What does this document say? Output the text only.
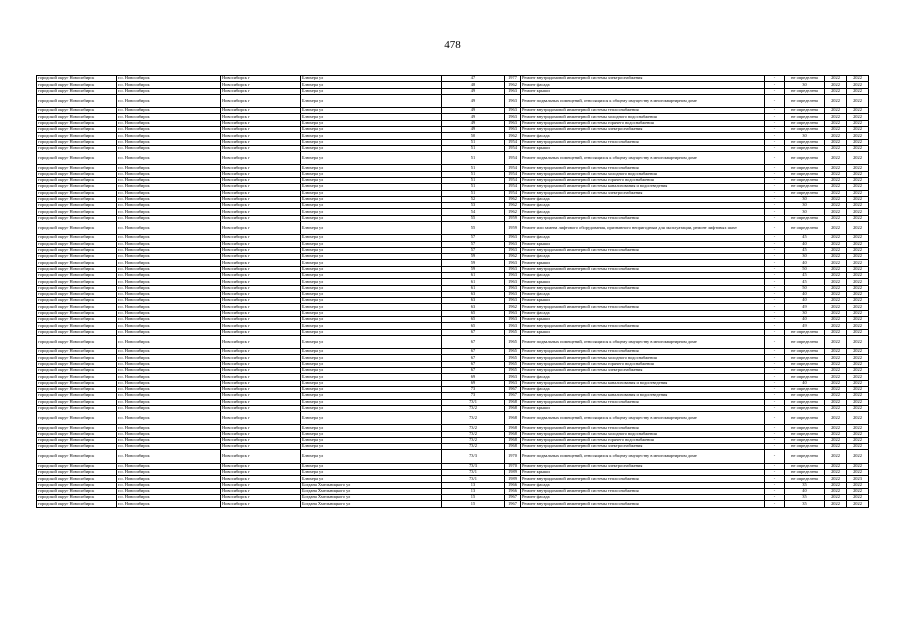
478
городской округ Новосибирск	г.о. Новосибирск	Новосибирск г	Блюхера ул	47	1977	Ремонт внутридомовой инженерной системы электроснабжения	-	не определена	2022	2022
городской округ Новосибирск	г.о. Новосибирск	Новосибирск г	Блюхера ул	48	1962	Ремонт фасада	-	30	2022	2022
городской округ Новосибирск	г.о. Новосибирск	Новосибирск г	Блюхера ул	49	1963	Ремонт крыши	-	не определена	2022	2022
городской округ Новосибирск	г.о. Новосибирск	Новосибирск г	Блюхера ул	49	1963	Ремонт подвальных помещений, относящихся к общему имуществу в многоквартирном доме	-	не определена	2022	2022
городской округ Новосибирск	г.о. Новосибирск	Новосибирск г	Блюхера ул	49	1963	Ремонт внутридомовой инженерной системы теплоснабжения	-	не определена	2022	2022
городской округ Новосибирск	г.о. Новосибирск	Новосибирск г	Блюхера ул	49	1963	Ремонт внутридомовой инженерной системы холодного водоснабжения	-	не определена	2022	2022
городской округ Новосибирск	г.о. Новосибирск	Новосибирск г	Блюхера ул	49	1963	Ремонт внутридомовой инженерной системы горячего водоснабжения	-	не определена	2022	2022
городской округ Новосибирск	г.о. Новосибирск	Новосибирск г	Блюхера ул	49	1963	Ремонт внутридомовой инженерной системы электроснабжения	-	не определена	2022	2022
городской округ Новосибирск	г.о. Новосибирск	Новосибирск г	Блюхера ул	50	1962	Ремонт фасада	-	30	2022	2022
городской округ Новосибирск	г.о. Новосибирск	Новосибирск г	Блюхера ул	51	1954	Ремонт внутридомовой инженерной системы теплоснабжения	-	не определена	2022	2022
городской округ Новосибирск	г.о. Новосибирск	Новосибирск г	Блюхера ул	51	1954	Ремонт крыши	-	не определена	2022	2022
городской округ Новосибирск	г.о. Новосибирск	Новосибирск г	Блюхера ул	51	1954	Ремонт подвальных помещений, относящихся к общему имуществу в многоквартирном доме	-	не определена	2022	2022
городской округ Новосибирск	г.о. Новосибирск	Новосибирск г	Блюхера ул	51	1954	Ремонт внутридомовой инженерной системы теплоснабжения	-	не определена	2022	2022
городской округ Новосибирск	г.о. Новосибирск	Новосибирск г	Блюхера ул	51	1954	Ремонт внутридомовой инженерной системы холодного водоснабжения	-	не определена	2022	2022
городской округ Новосибирск	г.о. Новосибирск	Новосибирск г	Блюхера ул	51	1954	Ремонт внутридомовой инженерной системы горячего водоснабжения	-	не определена	2022	2022
городской округ Новосибирск	г.о. Новосибирск	Новосибирск г	Блюхера ул	51	1954	Ремонт внутридомовой инженерной системы канализования и водоотведения	-	не определена	2022	2022
городской округ Новосибирск	г.о. Новосибирск	Новосибирск г	Блюхера ул	51	1954	Ремонт внутридомовой инженерной системы электроснабжения	-	не определена	2022	2022
городской округ Новосибирск	г.о. Новосибирск	Новосибирск г	Блюхера ул	52	1962	Ремонт фасада	-	30	2022	2022
городской округ Новосибирск	г.о. Новосибирск	Новосибирск г	Блюхера ул	53	1962	Ремонт фасада	-	30	2022	2022
городской округ Новосибирск	г.о. Новосибирск	Новосибирск г	Блюхера ул	54	1962	Ремонт фасада	-	30	2022	2022
городской округ Новосибирск	г.о. Новосибирск	Новосибирск г	Блюхера ул	55	1959	Ремонт внутридомовой инженерной системы теплоснабжения	-	не определена	2022	2022
городской округ Новосибирск	г.о. Новосибирск	Новосибирск г	Блюхера ул	55	1959	Ремонт или замена лифтового оборудования, признанного непригодным для эксплуатации, ремонт лифтовых шахт	-	не определена	2022	2022
городской округ Новосибирск	г.о. Новосибирск	Новосибирск г	Блюхера ул	57	1963	Ремонт фасада	-	45	2022	2022
городской округ Новосибирск	г.о. Новосибирск	Новосибирск г	Блюхера ул	57	1963	Ремонт крыши	-	40	2022	2022
городской округ Новосибирск	г.о. Новосибирск	Новосибирск г	Блюхера ул	57	1963	Ремонт внутридомовой инженерной системы теплоснабжения	-	45	2022	2022
городской округ Новосибирск	г.о. Новосибирск	Новосибирск г	Блюхера ул	59	1962	Ремонт фасада	-	30	2022	2022
городской округ Новосибирск	г.о. Новосибирск	Новосибирск г	Блюхера ул	59	1963	Ремонт крыши	-	40	2022	2022
городской округ Новосибирск	г.о. Новосибирск	Новосибирск г	Блюхера ул	59	1963	Ремонт внутридомовой инженерной системы теплоснабжения	-	50	2022	2022
городской округ Новосибирск	г.о. Новосибирск	Новосибирск г	Блюхера ул	61	1963	Ремонт фасада	-	45	2022	2022
городской округ Новосибирск	г.о. Новосибирск	Новосибирск г	Блюхера ул	61	1963	Ремонт крыши	-	45	2022	2022
городской округ Новосибирск	г.о. Новосибирск	Новосибирск г	Блюхера ул	61	1963	Ремонт внутридомовой инженерной системы теплоснабжения	-	50	2022	2022
городской округ Новосибирск	г.о. Новосибирск	Новосибирск г	Блюхера ул	63	1963	Ремонт фасада	-	40	2022	2022
городской округ Новосибирск	г.о. Новосибирск	Новосибирск г	Блюхера ул	63	1963	Ремонт крыши	-	40	2022	2022
городской округ Новосибирск	г.о. Новосибирск	Новосибирск г	Блюхера ул	63	1962	Ремонт внутридомовой инженерной системы теплоснабжения	-	49	2022	2022
городской округ Новосибирск	г.о. Новосибирск	Новосибирск г	Блюхера ул	65	1963	Ремонт фасада	-	30	2022	2022
городской округ Новосибирск	г.о. Новосибирск	Новосибирск г	Блюхера ул	65	1963	Ремонт крыши	-	40	2022	2022
городской округ Новосибирск	г.о. Новосибирск	Новосибирск г	Блюхера ул	65	1963	Ремонт внутридомовой инженерной системы теплоснабжения	-	49	2022	2022
городской округ Новосибирск	г.о. Новосибирск	Новосибирск г	Блюхера ул	67	1965	Ремонт крыши	-	не определена	2022	2022
городской округ Новосибирск	г.о. Новосибирск	Новосибирск г	Блюхера ул	67	1965	Ремонт подвальных помещений, относящихся к общему имуществу в многоквартирном доме	-	не определена	2022	2022
городской округ Новосибирск	г.о. Новосибирск	Новосибирск г	Блюхера ул	67	1965	Ремонт внутридомовой инженерной системы теплоснабжения	-	не определена	2022	2022
городской округ Новосибирск	г.о. Новосибирск	Новосибирск г	Блюхера ул	67	1965	Ремонт внутридомовой инженерной системы холодного водоснабжения	-	не определена	2022	2022
городской округ Новосибирск	г.о. Новосибирск	Новосибирск г	Блюхера ул	67	1965	Ремонт внутридомовой инженерной системы горячего водоснабжения	-	не определена	2022	2022
городской округ Новосибирск	г.о. Новосибирск	Новосибирск г	Блюхера ул	67	1965	Ремонт внутридомовой инженерной системы электроснабжения	-	не определена	2022	2022
городской округ Новосибирск	г.о. Новосибирск	Новосибирск г	Блюхера ул	69	1963	Ремонт фасада	-	не определена	2022	2022
городской округ Новосибирск	г.о. Новосибирск	Новосибирск г	Блюхера ул	69	1963	Ремонт внутридомовой инженерной системы канализования и водоотведения	-	40	2022	2022
городской округ Новосибирск	г.о. Новосибирск	Новосибирск г	Блюхера ул	73	1967	Ремонт фасада	-	не определена	2022	2022
городской округ Новосибирск	г.о. Новосибирск	Новосибирск г	Блюхера ул	73	1967	Ремонт внутридомовой инженерной системы канализования и водоотведения	-	не определена	2022	2022
городской округ Новосибирск	г.о. Новосибирск	Новосибирск г	Блюхера ул	73/1	1968	Ремонт внутридомовой инженерной системы теплоснабжения	-	не определена	2022	2022
городской округ Новосибирск	г.о. Новосибирск	Новосибирск г	Блюхера ул	73/2	1968	Ремонт крыши	-	не определена	2022	2022
городской округ Новосибирск	г.о. Новосибирск	Новосибирск г	Блюхера ул	73/2	1968	Ремонт подвальных помещений, относящихся к общему имуществу в многоквартирном доме	-	не определена	2022	2022
городской округ Новосибирск	г.о. Новосибирск	Новосибирск г	Блюхера ул	73/2	1968	Ремонт внутридомовой инженерной системы теплоснабжения	-	не определена	2022	2022
городской округ Новосибирск	г.о. Новосибирск	Новосибирск г	Блюхера ул	73/2	1968	Ремонт внутридомовой инженерной системы холодного водоснабжения	-	не определена	2022	2022
городской округ Новосибирск	г.о. Новосибирск	Новосибирск г	Блюхера ул	73/2	1968	Ремонт внутридомовой инженерной системы горячего водоснабжения	-	не определена	2022	2022
городской округ Новосибирск	г.о. Новосибирск	Новосибирск г	Блюхера ул	73/2	1968	Ремонт внутридомовой инженерной системы электроснабжения	-	не определена	2022	2022
городской округ Новосибирск	г.о. Новосибирск	Новосибирск г	Блюхера ул	73/3	1970	Ремонт подвальных помещений, относящихся к общему имуществу в многоквартирном доме	-	не определена	2022	2022
городской округ Новосибирск	г.о. Новосибирск	Новосибирск г	Блюхера ул	73/3	1970	Ремонт внутридомовой инженерной системы электроснабжения	-	не определена	2022	2022
городской округ Новосибирск	г.о. Новосибирск	Новосибирск г	Блюхера ул	73/1	1989	Ремонт крыши	-	не определена	2022	2022
городской округ Новосибирск	г.о. Новосибирск	Новосибирск г	Блюхера ул	73/1	1989	Ремонт внутридомовой инженерной системы теплоснабжения	-	не определена	2022	2023
городской округ Новосибирск	г.о. Новосибирск	Новосибирск г	Богдана Хмельницкого ул	13	1966	Ремонт фасада	-	35	2022	2022
городской округ Новосибирск	г.о. Новосибирск	Новосибирск г	Богдана Хмельницкого ул	13	1966	Ремонт внутридомовой инженерной системы теплоснабжения	-	40	2022	2022
городской округ Новосибирск	г.о. Новосибирск	Новосибирск г	Богдана Хмельницкого ул	15	1967	Ремонт фасада	-	35	2022	2022
городской округ Новосибирск	г.о. Новосибирск	Новосибирск г	Богдана Хмельницкого ул	15	1967	Ремонт внутридомовой инженерной системы теплоснабжения	-	35	2022	2022
